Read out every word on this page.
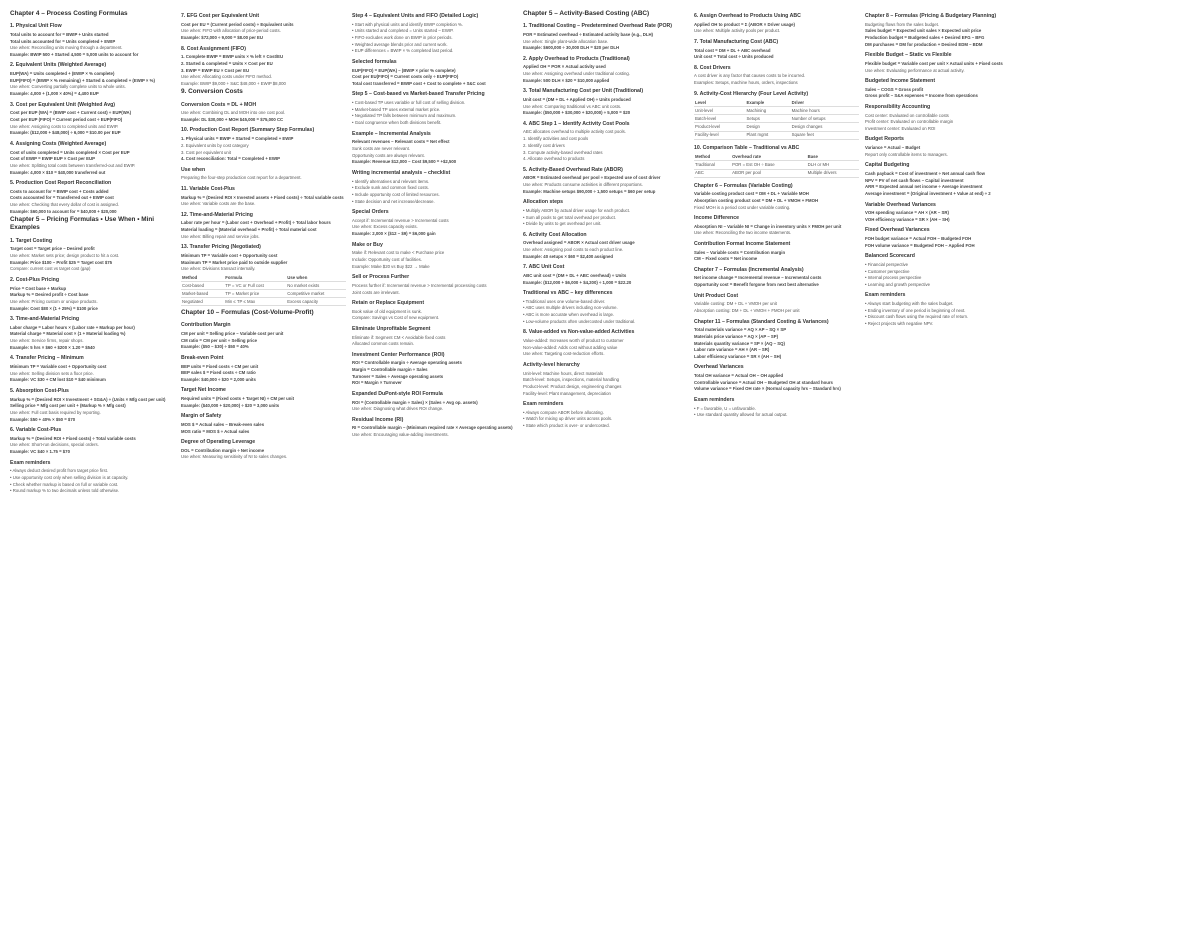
Chapter 4 – Process Costing Formulas
1. Physical Unit Flow
Total units to account for = BWIP + Units started
Total units accounted for = Units completed + EWIP
Use when: Reconciling units moving through a department.
Example: BWIP 500 + Started 4,500 = 5,000 units to account for
2. Equivalent Units (Weighted Average)
EUP(WA) = Units completed + (EWIP × % complete)
EUP(FIFO) = (BWIP × % remaining) + Started & completed + (EWIP × %)
Use when: Converting partially complete units to whole units.
Example: 4,000 + (1,000 × 40%) = 4,400 EUP
3. Cost per Equivalent Unit (Weighted Avg)
Cost per EUP (WA) = (BWIP cost + Current cost) ÷ EUP(WA)
Cost per EUP (FIFO) = Current period cost ÷ EUP(FIFO)
Use when: Assigning costs to completed units and EWIP.
Example: ($12,000 + $48,000) ÷ 6,000 = $10.00 per EUP
4. Assigning Costs (Weighted Average)
Cost of units completed = Units completed × Cost per EUP
Cost of EWIP = EWIP EUP × Cost per EUP
Use when: Splitting total costs between transferred-out and EWIP.
Example: 4,000 × $10 = $40,000 transferred out
5. Production Cost Report Reconciliation
Costs to account for = BWIP cost + Costs added
Costs accounted for = Transferred out + EWIP cost
Use when: Checking that every dollar of cost is assigned.
Example: $60,000 to account for = $40,000 + $20,000
Chapter 5 – Pricing Formulas • Use When • Mini Examples
1. Target Costing
Target cost = Target price – Desired profit
Use when: Market sets price; design product to hit a cost.
Example: Price $100 – Profit $25 = Target cost $75
Compare: current cost vs target cost (gap)
2. Cost-Plus Pricing
Price = Cost base + Markup
Markup % = Desired profit ÷ Cost base
Use when: Pricing custom or unique products.
Example: Cost $80 × (1 + 25%) = $100 price
3. Time-and-Material Pricing
Labor charge = Labor hours × (Labor rate + Markup per hour)
Material charge = Material cost × (1 + Material loading %)
Use when: Service firms, repair shops.
Example: 5 hrs × $60 + $200 × 1.20 = $540
4. Transfer Pricing – Minimum
Minimum TP = Variable cost + Opportunity cost
Use when: Selling division sets a floor price.
Example: VC $30 + CM lost $10 = $40 minimum
5. Absorption Cost-Plus
Markup % = (Desired ROI × Investment + SG&A) ÷ (Units × Mfg cost per unit)
Selling price = Mfg cost per unit + (Markup % × Mfg cost)
Use when: Full cost basis required by reporting.
Example: $50 + 40% × $50 = $70
6. Variable Cost-Plus
Markup % = (Desired ROI + Fixed costs) ÷ Total variable costs
Use when: Short-run decisions, special orders.
Example: VC $40 × 1.75 = $70
Exam reminders
• Always deduct desired profit from target price first.
• Use opportunity cost only when selling division is at capacity.
• Check whether markup is based on full or variable cost.
• Round markup % to two decimals unless told otherwise.
7. EFG Cost per Equivalent Unit
Cost per EU = (Current period costs) ÷ Equivalent units
Use when: FIFO with allocation of prior-period costs.
Example: $72,000 ÷ 9,000 = $8.00 per EU
8. Cost Assignment (FIFO)
1. Complete BWIP = BWIP units × % left × Cost/EU
2. Started & completed = Units × Cost per EU
3. EWIP = EWIP EU × Cost per EU
Use when: Allocating costs under FIFO method.
Example: BWIP $9,000 + S&C $48,000 + EWIP $8,000
9. Conversion Costs
Conversion Costs = DL + MOH
Use when: Combining DL and MOH into one cost pool.
Example: DL $30,000 + MOH $45,000 = $75,000 CC
10. Production Cost Report (Summary Step Formulas)
1. Physical units = BWIP + Started = Completed + EWIP
2. Equivalent units by cost category
3. Cost per equivalent unit
4. Cost reconciliation: Total = Completed + EWIP
Use when
Preparing the four-step production cost report for a department.
11. Variable Cost-Plus
Markup % = (Desired ROI × Invested assets + Fixed costs) ÷ Total variable costs
Use when: Variable costs are the base.
12. Time-and-Material Pricing
Labor rate per hour = (Labor cost + Overhead + Profit) ÷ Total labor hours
Material loading = (Material overhead + Profit) ÷ Total material cost
Use when: Billing repair and service jobs.
13. Transfer Pricing (Negotiated)
Minimum TP = Variable cost + Opportunity cost
Maximum TP = Market price paid to outside supplier
Use when: Divisions transact internally.
Method	Formula	Use when
Cost-based	TP = VC or Full cost	No market exists
Market-based	TP = Market price	Competitive market
Negotiated	Min ≤ TP ≤ Max	Excess capacity
Chapter 10 – Formulas (Cost-Volume-Profit)
Contribution Margin
CM per unit = Selling price – Variable cost per unit
CM ratio = CM per unit ÷ Selling price
Example: ($50 – $30) ÷ $50 = 40%
Break-even Point
BEP units = Fixed costs ÷ CM per unit
BEP sales $ = Fixed costs ÷ CM ratio
Example: $40,000 ÷ $20 = 2,000 units
Target Net Income
Required units = (Fixed costs + Target NI) ÷ CM per unit
Example: ($40,000 + $20,000) ÷ $20 = 3,000 units
Margin of Safety
MOS $ = Actual sales – Break-even sales
MOS ratio = MOS $ ÷ Actual sales
Degree of Operating Leverage
DOL = Contribution margin ÷ Net income
Use when: Measuring sensitivity of NI to sales changes.
Step 4 – Equivalent Units and FIFO (Detailed Logic)
• Start with physical units and identify BWIP completion %.
• Units started and completed = Units started – EWIP.
• FIFO excludes work done on BWIP in prior periods.
• Weighted average blends prior and current work.
• EUP differences = BWIP × % completed last period.
Selected formulas
EUP(FIFO) = EUP(WA) – (BWIP × prior % complete)
Cost per EU(FIFO) = Current costs only ÷ EUP(FIFO)
Total cost transferred = BWIP cost + Cost to complete + S&C cost
Step 5 – Cost-based vs Market-based Transfer Pricing
• Cost-based TP uses variable or full cost of selling division.
• Market-based TP uses external market price.
• Negotiated TP falls between minimum and maximum.
• Goal congruence when both divisions benefit.
Example – Incremental Analysis
Relevant revenues – Relevant costs = Net effect
Sunk costs are never relevant.
Opportunity costs are always relevant.
Example: Revenue $12,000 – Cost $9,500 = +$2,500
Writing incremental analysis – checklist
• Identify alternatives and relevant items.
• Exclude sunk and common fixed costs.
• Include opportunity cost of limited resources.
• State decision and net increase/decrease.
Special Orders
Accept if: Incremental revenue > Incremental costs
Use when: Excess capacity exists.
Example: 2,000 × ($12 – $9) = $6,000 gain
Make or Buy
Make if: Relevant cost to make < Purchase price
Include: Opportunity cost of facilities.
Example: Make $20 vs Buy $22 → Make
Sell or Process Further
Process further if: Incremental revenue > Incremental processing costs
Joint costs are irrelevant.
Retain or Replace Equipment
Book value of old equipment is sunk.
Compare: Savings vs Cost of new equipment.
Eliminate Unprofitable Segment
Eliminate if: Segment CM < Avoidable fixed costs
Allocated common costs remain.
Investment Center Performance (ROI)
ROI = Controllable margin ÷ Average operating assets
Margin = Controllable margin ÷ Sales
Turnover = Sales ÷ Average operating assets
ROI = Margin × Turnover
Expanded DuPont-style ROI Formula
ROI = (Controllable margin ÷ Sales) × (Sales ÷ Avg op. assets)
Use when: Diagnosing what drives ROI change.
Residual Income (RI)
RI = Controllable margin – (Minimum required rate × Average operating assets)
Use when: Encouraging value-adding investments.
Chapter 5 – Activity-Based Costing (ABC)
1. Traditional Costing – Predetermined Overhead Rate (POR)
POR = Estimated overhead ÷ Estimated activity base (e.g., DLH)
Use when: Single plant-wide allocation base.
Example: $600,000 ÷ 30,000 DLH = $20 per DLH
2. Apply Overhead to Products (Traditional)
Applied OH = POR × Actual activity used
Use when: Assigning overhead under traditional costing.
Example: 500 DLH × $20 = $10,000 applied
3. Total Manufacturing Cost per Unit (Traditional)
Unit cost = (DM + DL + Applied OH) ÷ Units produced
Use when: Comparing traditional vs ABC unit costs.
Example: ($50,000 + $30,000 + $20,000) ÷ 5,000 = $20
4. ABC Step 1 – Identify Activity Cost Pools
ABC allocates overhead to multiple activity cost pools.
1. Identify activities and cost pools
2. Identify cost drivers
3. Compute activity-based overhead rates
4. Allocate overhead to products
5. Activity-Based Overhead Rate (ABOR)
ABOR = Estimated overhead per pool ÷ Expected use of cost driver
Use when: Products consume activities in different proportions.
Example: Machine setups $90,000 ÷ 1,500 setups = $60 per setup
Allocation steps
• Multiply ABOR by actual driver usage for each product.
• Sum all pools to get total overhead per product.
• Divide by units to get overhead per unit.
6. Activity Cost Allocation
Overhead assigned = ABOR × Actual cost driver usage
Use when: Assigning pool costs to each product line.
Example: 40 setups × $60 = $2,400 assigned
7. ABC Unit Cost
ABC unit cost = (DM + DL + ABC overhead) ÷ Units
Example: ($12,000 + $6,000 + $4,200) ÷ 1,000 = $22.20
Traditional vs ABC – key differences
• Traditional uses one volume-based driver.
• ABC uses multiple drivers including non-volume.
• ABC is more accurate when overhead is large.
• Low-volume products often undercosted under traditional.
8. Value-added vs Non-value-added Activities
Value-added: Increases worth of product to customer
Non-value-added: Adds cost without adding value
Use when: Targeting cost-reduction efforts.
Activity-level hierarchy
Unit-level: Machine hours, direct materials
Batch-level: Setups, inspections, material handling
Product-level: Product design, engineering changes
Facility-level: Plant management, depreciation
Exam reminders
• Always compute ABOR before allocating.
• Watch for mixing up driver units across pools.
• State which product is over- or undercosted.
6. Assign Overhead to Products Using ABC
Applied OH to product = Σ (ABOR × Driver usage)
Use when: Multiple activity pools per product.
7. Total Manufacturing Cost (ABC)
Total cost = DM + DL + ABC overhead
Unit cost = Total cost ÷ Units produced
8. Cost Drivers
A cost driver is any factor that causes costs to be incurred.
Examples: Setups, machine hours, orders, inspections
9. Activity-Cost Hierarchy (Four Level Activity)
Level	Example	Driver
Unit-level	Machining	Machine hours
Batch-level	Setups	Number of setups
Product-level	Design	Design changes
Facility-level	Plant mgmt	Square feet
10. Comparison Table – Traditional vs ABC
Method	Overhead rate	Base
Traditional	POR = Est OH ÷ Base	DLH or MH
ABC	ABOR per pool	Multiple drivers
Chapter 6 – Formulas (Variable Costing)
Variable costing product cost = DM + DL + Variable MOH
Absorption costing product cost = DM + DL + VMOH + FMOH
Fixed MOH is a period cost under variable costing.
Income Difference
Absorption NI – Variable NI = Change in inventory units × FMOH per unit
Use when: Reconciling the two income statements.
Contribution Format Income Statement
Sales – Variable costs = Contribution margin
CM – Fixed costs = Net income
Chapter 7 – Formulas (Incremental Analysis)
Net income change = Incremental revenue – Incremental costs
Opportunity cost = Benefit forgone from next best alternative
Unit Product Cost
Variable costing: DM + DL + VMOH per unit
Absorption costing: DM + DL + VMOH + FMOH per unit
Chapter 11 – Formulas (Standard Costing & Variances)
Total materials variance = AQ × AP – SQ × SP
Materials price variance = AQ × (AP – SP)
Materials quantity variance = SP × (AQ – SQ)
Labor rate variance = AH × (AR – SR)
Labor efficiency variance = SR × (AH – SH)
Overhead Variances
Total OH variance = Actual OH – OH applied
Controllable variance = Actual OH – Budgeted OH at standard hours
Volume variance = Fixed OH rate × (Normal capacity hrs – Standard hrs)
Exam reminders
• F = favorable, U = unfavorable.
• Use standard quantity allowed for actual output.
Chapter 8 – Formulas (Pricing & Budgetary Planning)
Budgeting flows from the sales budget.
Sales budget = Expected unit sales × Expected unit price
Production budget = Budgeted sales + Desired EFG – BFG
DM purchases = DM for production + Desired EDM – BDM
Flexible Budget – Static vs Flexible
Flexible budget = Variable cost per unit × Actual units + Fixed costs
Use when: Evaluating performance at actual activity.
Budgeted Income Statement
Sales – COGS = Gross profit
Gross profit – S&A expenses = Income from operations
Responsibility Accounting
Cost center: Evaluated on controllable costs
Profit center: Evaluated on controllable margin
Investment center: Evaluated on ROI
Budget Reports
Variance = Actual – Budget
Report only controllable items to managers.
Capital Budgeting
Cash payback = Cost of investment ÷ Net annual cash flow
NPV = PV of net cash flows – Capital investment
ARR = Expected annual net income ÷ Average investment
Average investment = (Original investment + Value at end) ÷ 2
Variable Overhead Variances
VOH spending variance = AH × (AR – SR)
VOH efficiency variance = SR × (AH – SH)
Fixed Overhead Variances
FOH budget variance = Actual FOH – Budgeted FOH
FOH volume variance = Budgeted FOH – Applied FOH
Balanced Scorecard
• Financial perspective
• Customer perspective
• Internal process perspective
• Learning and growth perspective
Exam reminders
• Always start budgeting with the sales budget.
• Ending inventory of one period is beginning of next.
• Discount cash flows using the required rate of return.
• Reject projects with negative NPV.
